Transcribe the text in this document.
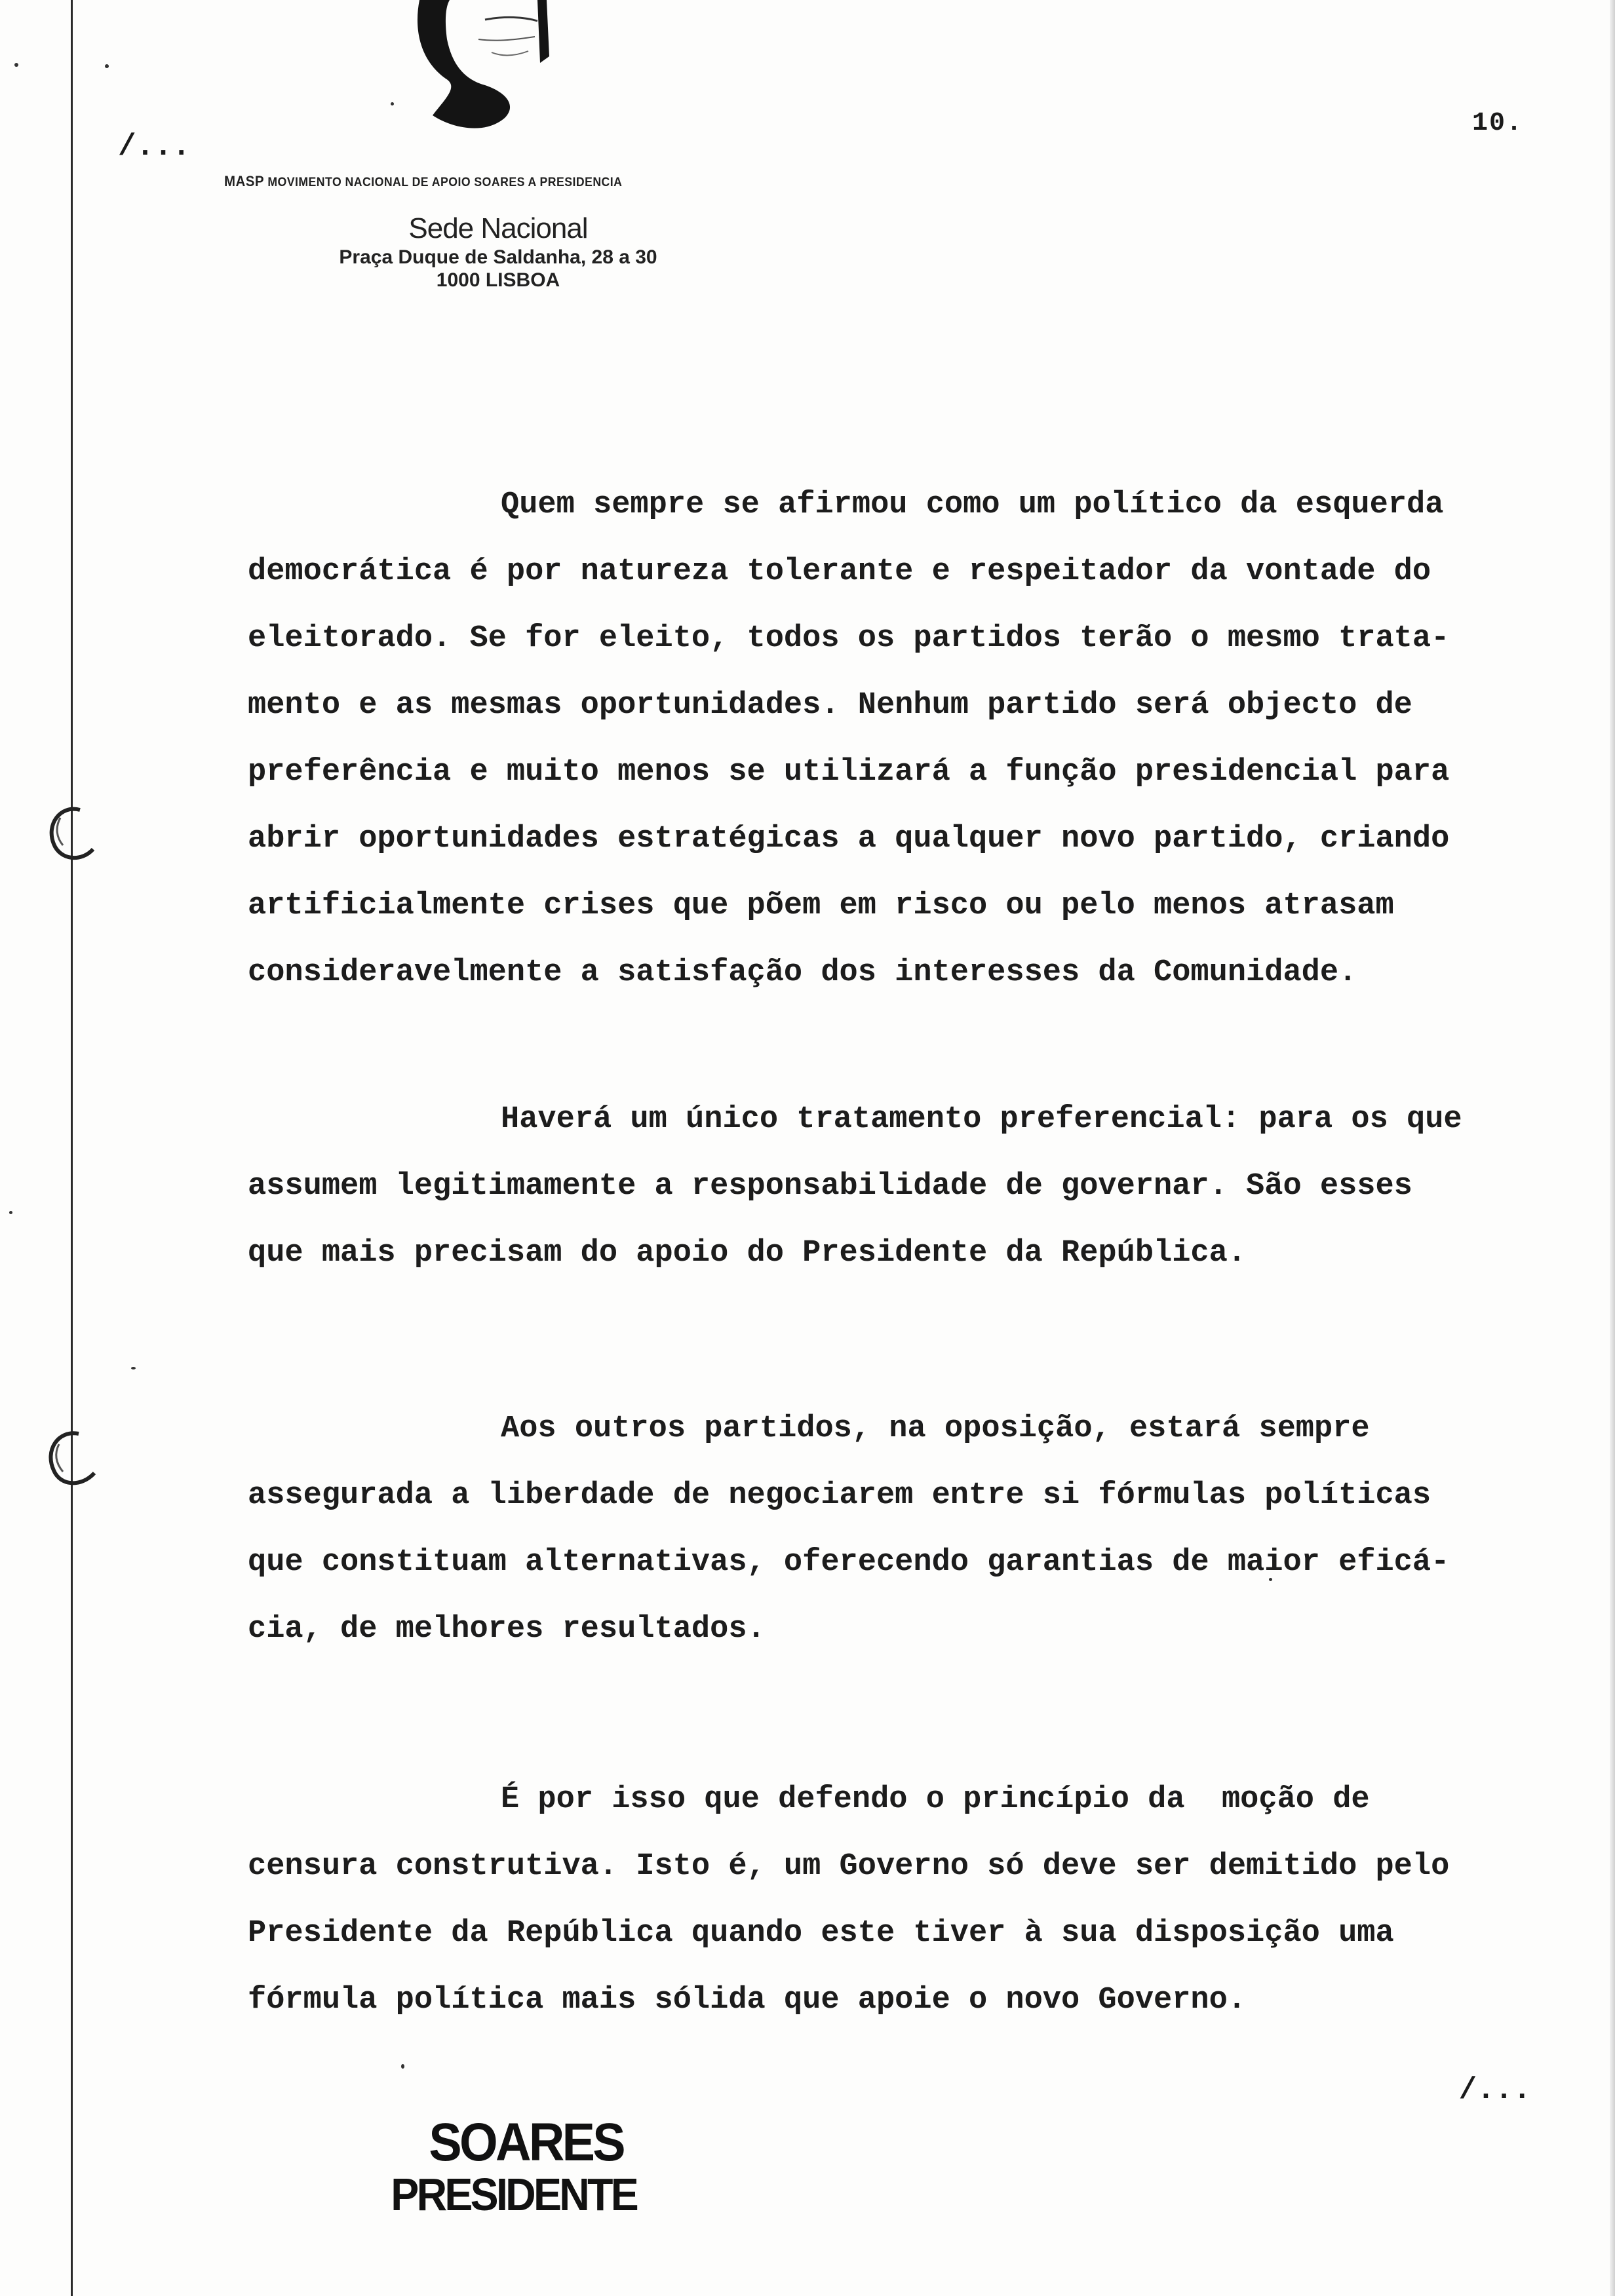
/...
10.
MASP MOVIMENTO NACIONAL DE APOIO SOARES A PRESIDENCIA
Sede Nacional
Praça Duque de Saldanha, 28 a 30
1000 LISBOA
Quem sempre se afirmou como um político da esquerda
democrática é por natureza tolerante e respeitador da vontade do
eleitorado. Se for eleito, todos os partidos terão o mesmo trata-
mento e as mesmas oportunidades. Nenhum partido será objecto de
preferência e muito menos se utilizará a função presidencial para
abrir oportunidades estratégicas a qualquer novo partido, criando
artificialmente crises que põem em risco ou pelo menos atrasam
consideravelmente a satisfação dos interesses da Comunidade.
Haverá um único tratamento preferencial: para os que
assumem legitimamente a responsabilidade de governar. São esses
que mais precisam do apoio do Presidente da República.
Aos outros partidos, na oposição, estará sempre
assegurada a liberdade de negociarem entre si fórmulas políticas
que constituam alternativas, oferecendo garantias de maior eficá-
cia, de melhores resultados.
É por isso que defendo o princípio da  moção de
censura construtiva. Isto é, um Governo só deve ser demitido pelo
Presidente da República quando este tiver à sua disposição uma
fórmula política mais sólida que apoie o novo Governo.
/...
SOARES
PRESIDENTE
